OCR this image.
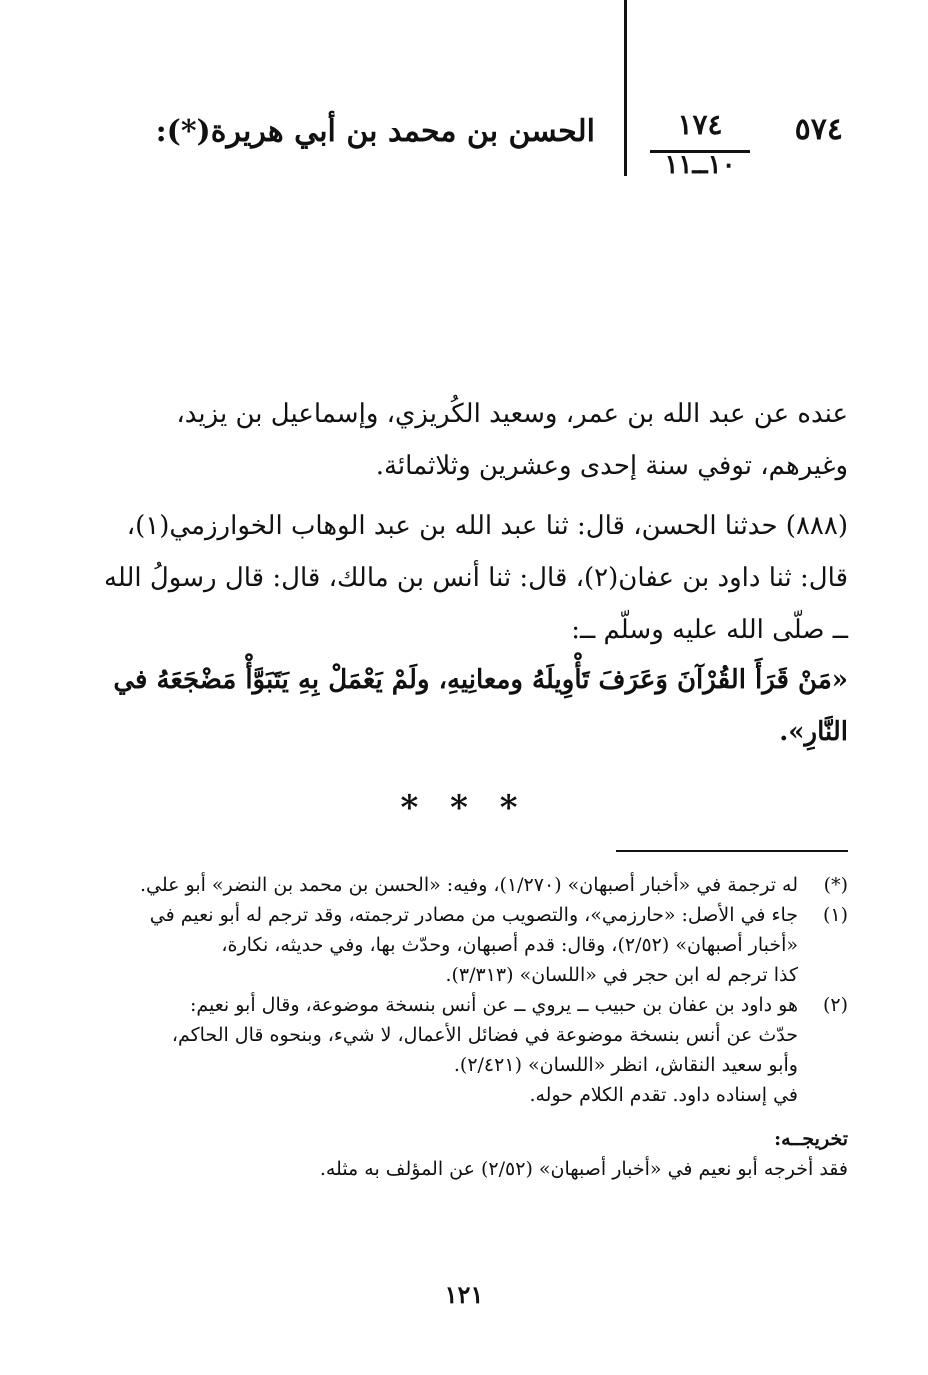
٥٧٤
١٧٤
١٠ــ١١
الحسن بن محمد بن أبي هريرة(*):
عنده عن عبد الله بن عمر، وسعيد الكُريزي، وإسماعيل بن يزيد،
وغيرهم، توفي سنة إحدى وعشرين وثلاثمائة.
(٨٨٨) حدثنا الحسن، قال: ثنا عبد الله بن عبد الوهاب الخوارزمي(١)،
قال: ثنا داود بن عفان(٢)، قال: ثنا أنس بن مالك، قال: قال رسولُ الله
ــ صلّى الله عليه وسلّم ــ:
«مَنْ قَرَأَ القُرْآنَ وَعَرَفَ تَأْوِيلَهُ ومعانِيهِ، ولَمْ يَعْمَلْ بِهِ يَتَبَوَّأْ مَضْجَعَهُ في
النَّارِ».
* * *
(*)
له ترجمة في «أخبار أصبهان» (١/٢٧٠)، وفيه: «الحسن بن محمد بن النضر» أبو علي.
(١)
جاء في الأصل: «حارزمي»، والتصويب من مصادر ترجمته، وقد ترجم له أبو نعيم في
«أخبار أصبهان» (٢/٥٢)، وقال: قدم أصبهان، وحدّث بها، وفي حديثه، نكارة،
كذا ترجم له ابن حجر في «اللسان» (٣/٣١٣).
(٢)
هو داود بن عفان بن حبيب ــ يروي ــ عن أنس بنسخة موضوعة، وقال أبو نعيم:
حدّث عن أنس بنسخة موضوعة في فضائل الأعمال، لا شيء، وبنحوه قال الحاكم،
وأبو سعيد النقاش، انظر «اللسان» (٢/٤٢١).
في إسناده داود. تقدم الكلام حوله.
تخريجــه:
فقد أخرجه أبو نعيم في «أخبار أصبهان» (٢/٥٢) عن المؤلف به مثله.
١٢١
